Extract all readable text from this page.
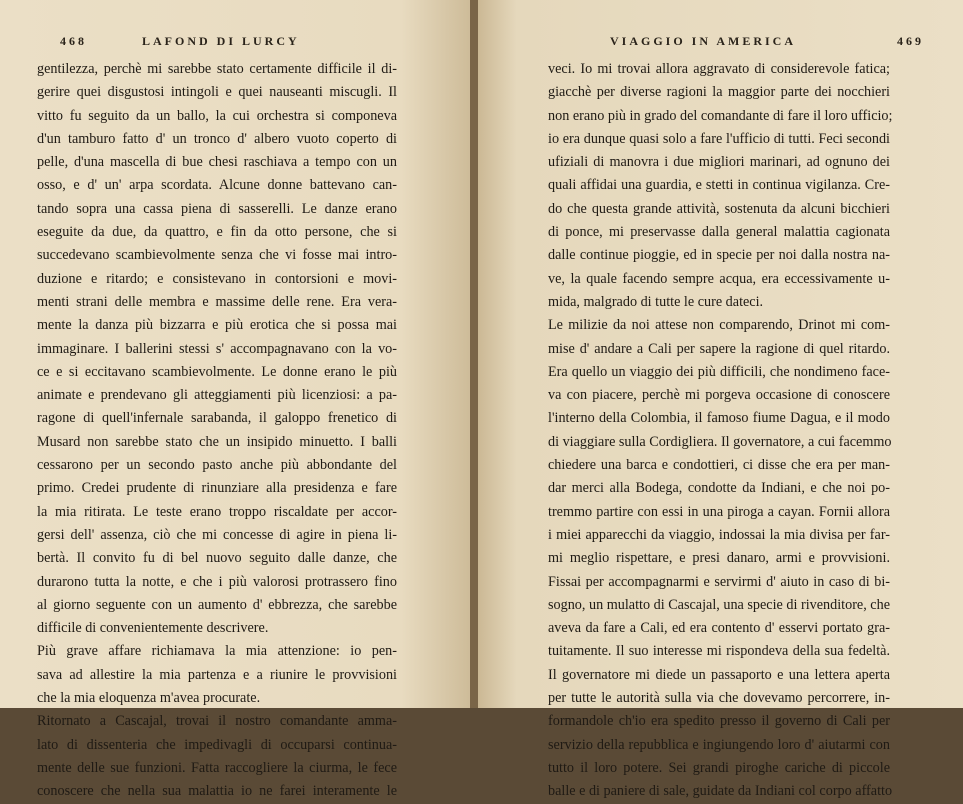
468	LAFOND DI LURCY
gentilezza, perchè mi sarebbe stato certamente difficile il di-
gerire quei disgustosi intingoli e quei nauseanti miscugli. Il
vitto fu seguito da un ballo, la cui orchestra si componeva
d'un tamburo fatto d' un tronco d' albero vuoto coperto di
pelle, d'una mascella di bue chesi raschiava a tempo con un
osso, e d' un' arpa scordata. Alcune donne battevano can-
tando sopra una cassa piena di sasserelli. Le danze erano
eseguite da due, da quattro, e fin da otto persone, che si
succedevano scambievolmente senza che vi fosse mai intro-
duzione e ritardo; e consistevano in contorsioni e movi-
menti strani delle membra e massime delle rene. Era vera-
mente la danza più bizzarra e più erotica che si possa mai
immaginare. I ballerini stessi s' accompagnavano con la vo-
ce e si eccitavano scambievolmente. Le donne erano le più
animate e prendevano gli atteggiamenti più licenziosi: a pa-
ragone di quell'infernale sarabanda, il galoppo frenetico di
Musard non sarebbe stato che un insipido minuetto. I balli
cessarono per un secondo pasto anche più abbondante del
primo. Credei prudente di rinunziare alla presidenza e fare
la mia ritirata. Le teste erano troppo riscaldate per accor-
gersi dell' assenza, ciò che mi concesse di agire in piena li-
bertà. Il convito fu di bel nuovo seguito dalle danze, che
durarono tutta la notte, e che i più valorosi protrassero fino
al giorno seguente con un aumento d' ebbrezza, che sarebbe
difficile di convenientemente descrivere.
Più grave affare richiamava la mia attenzione: io pen-
sava ad allestire la mia partenza e a riunire le provvisioni
che la mia eloquenza m'avea procurate.
Ritornato a Cascajal, trovai il nostro comandante amma-
lato di dissenteria che impedivagli di occuparsi continua-
mente delle sue funzioni. Fatta raccogliere la ciurma, le fece
conoscere che nella sua malattia io ne farei interamente le
VIAGGIO IN AMERICA	469
veci. Io mi trovai allora aggravato di considerevole fatica;
giacchè per diverse ragioni la maggior parte dei nocchieri
non erano più in grado del comandante di fare il loro ufficio;
io era dunque quasi solo a fare l'ufficio di tutti. Feci secondi
ufiziali di manovra i due migliori marinari, ad ognuno dei
quali affidai una guardia, e stetti in continua vigilanza. Cre-
do che questa grande attività, sostenuta da alcuni bicchieri
di ponce, mi preservasse dalla general malattia cagionata
dalle continue pioggie, ed in specie per noi dalla nostra na-
ve, la quale facendo sempre acqua, era eccessivamente u-
mida, malgrado di tutte le cure dateci.
Le milizie da noi attese non comparendo, Drinot mi com-
mise d' andare a Cali per sapere la ragione di quel ritardo.
Era quello un viaggio dei più difficili, che nondimeno face-
va con piacere, perchè mi porgeva occasione di conoscere
l'interno della Colombia, il famoso fiume Dagua, e il modo
di viaggiare sulla Cordigliera. Il governatore, a cui facemmo
chiedere una barca e condottieri, ci disse che era per man-
dar merci alla Bodega, condotte da Indiani, e che noi po-
tremmo partire con essi in una piroga a cayan. Fornii allora
i miei apparecchi da viaggio, indossai la mia divisa per far-
mi meglio rispettare, e presi danaro, armi e provvisioni.
Fissai per accompagnarmi e servirmi d' aiuto in caso di bi-
sogno, un mulatto di Cascajal, una specie di rivenditore, che
aveva da fare a Cali, ed era contento d' esservi portato gra-
tuitamente. Il suo interesse mi rispondeva della sua fedeltà.
Il governatore mi diede un passaporto e una lettera aperta
per tutte le autorità sulla via che dovevamo percorrere, in-
formandole ch'io era spedito presso il governo di Cali per
servizio della repubblica e ingiungendo loro d' aiutarmi con
tutto il loro potere. Sei grandi piroghe cariche di piccole
balle e di paniere di sale, guidate da Indiani col corpo affatto
